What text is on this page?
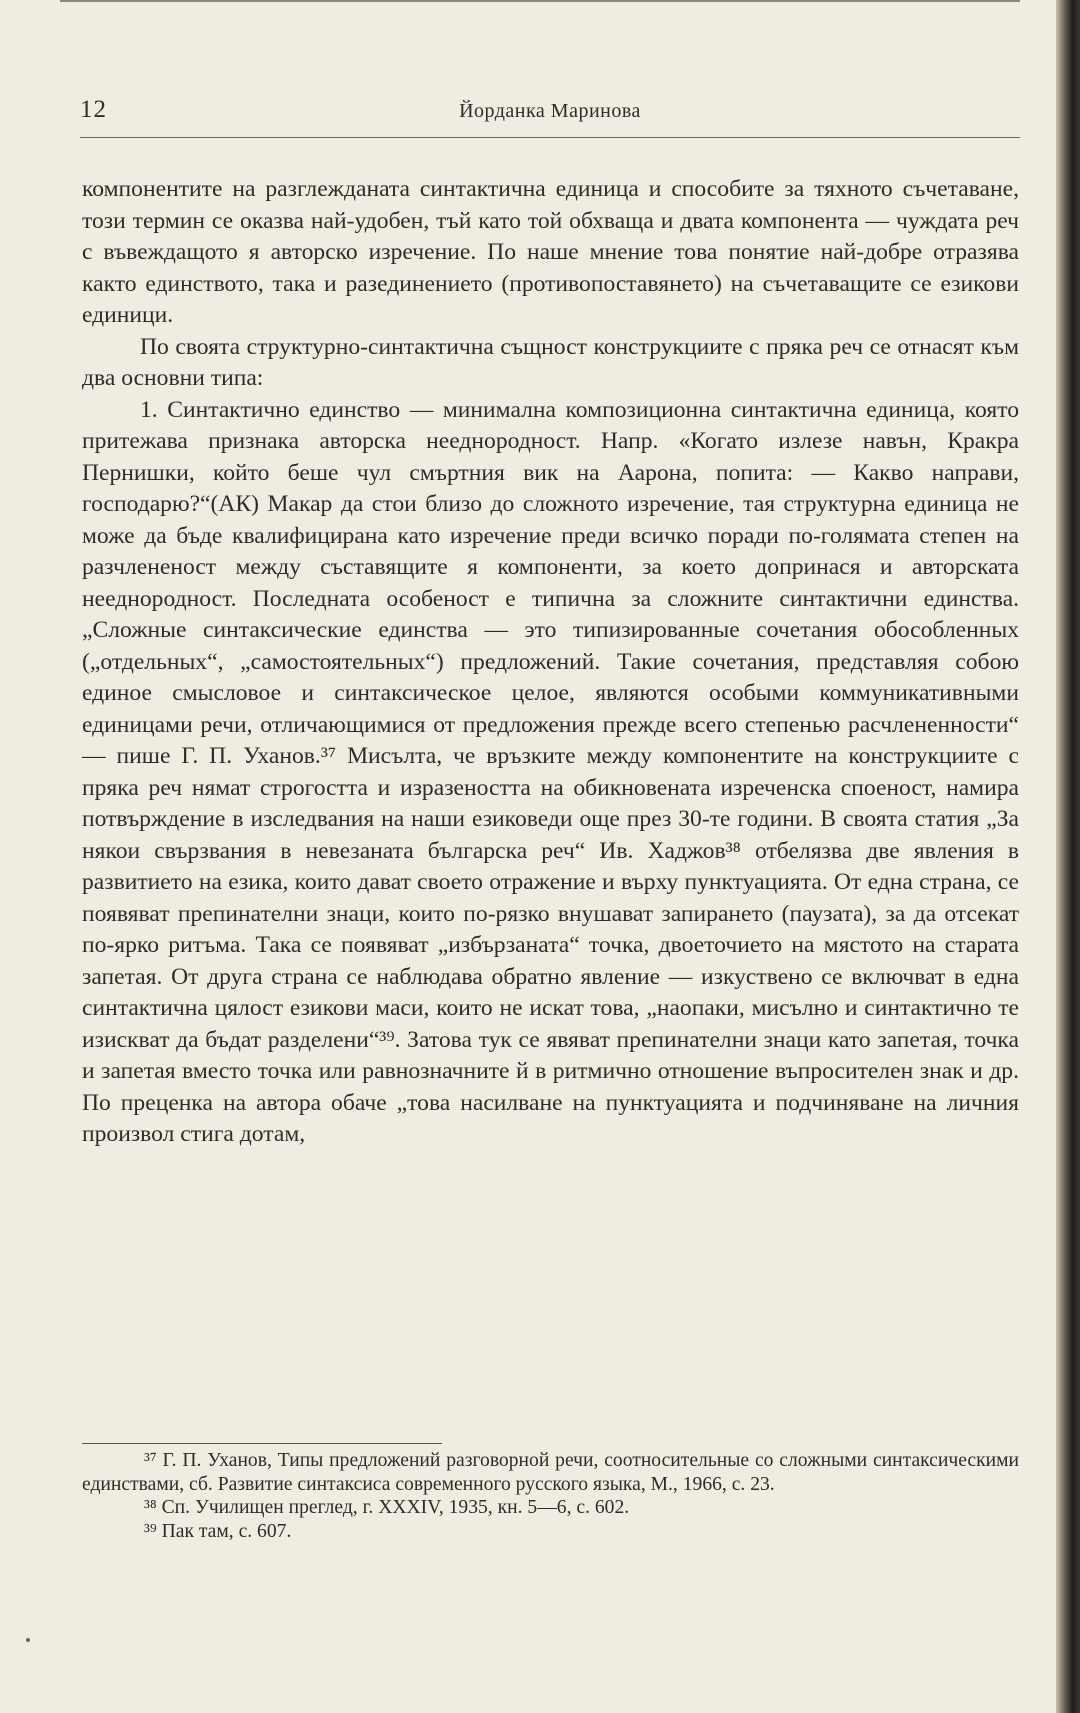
12	Йорданка Маринова

компонентите на разглежданата синтактична единица и способите за тяхното съчетаване, този термин се оказва най-удобен, тъй като той обхваща и двата компонента — чуждата реч с въвеждащото я авторско изречение. По наше мнение това понятие най-добре отразява както единството, така и разединението (противопоставянето) на съчетаващите се езикови единици.

По своята структурно-синтактична същност конструкциите с пряка реч се отнасят към два основни типа:

1. Синтактично единство — минимална композиционна синтактична единица, която притежава признака авторска нееднородност. Напр. «Когато излезе навън, Кракра Пернишки, който беше чул смъртния вик на Аарона, попита: — Какво направи, господарю?“(АК) Макар да стои близо до сложното изречение, тая структурна единица не може да бъде квалифицирана като изречение преди всичко поради по-голямата степен на разчлененост между съставящите я компоненти, за което допринася и авторската нееднородност. Последната особеност е типична за сложните синтактични единства. „Сложные синтаксические единства — это типизированные сочетания обособленных („отдельных“, „самостоятельных“) предложений. Такие сочетания, представляя собою единое смысловое и синтаксическое целое, являются особыми коммуникативными единицами речи, отличающимися от предложения прежде всего степенью расчлененности“ — пише Г. П. Уханов.³⁷ Мисълта, че връзките между компонентите на конструкциите с пряка реч нямат строгостта и изразеността на обикновената изреченска споеност, намира потвърждение в изследвания на наши езиковеди още през 30-те години. В своята статия „За някои свързвания в невезаната българска реч“ Ив. Хаджов³⁸ отбелязва две явления в развитието на езика, които дават своето отражение и върху пунктуацията. От една страна, се появяват препинателни знаци, които по-рязко внушават запирането (паузата), за да отсекат по-ярко ритъма. Така се появяват „избързаната“ точка, двоеточието на мястото на старата запетая. От друга страна се наблюдава обратно явление — изкуствено се включват в една синтактична цялост езикови маси, които не искат това, „наопаки, мисълно и синтактично те изискват да бъдат разделени“³⁹. Затова тук се явяват препинателни знаци като запетая, точка и запетая вместо точка или равнозначните й в ритмично отношение въпросителен знак и др. По преценка на автора обаче „това насилване на пунктуацията и подчиняване на личния произвол стига дотам,

³⁷ Г. П. Уханов, Типы предложений разговорной речи, соотносительные со сложными синтаксическими единствами, сб. Развитие синтаксиса современного русского языка, М., 1966, с. 23.

³⁸ Сп. Училищен преглед, г. XXXIV, 1935, кн. 5—6, с. 602.

³⁹ Пак там, с. 607.
